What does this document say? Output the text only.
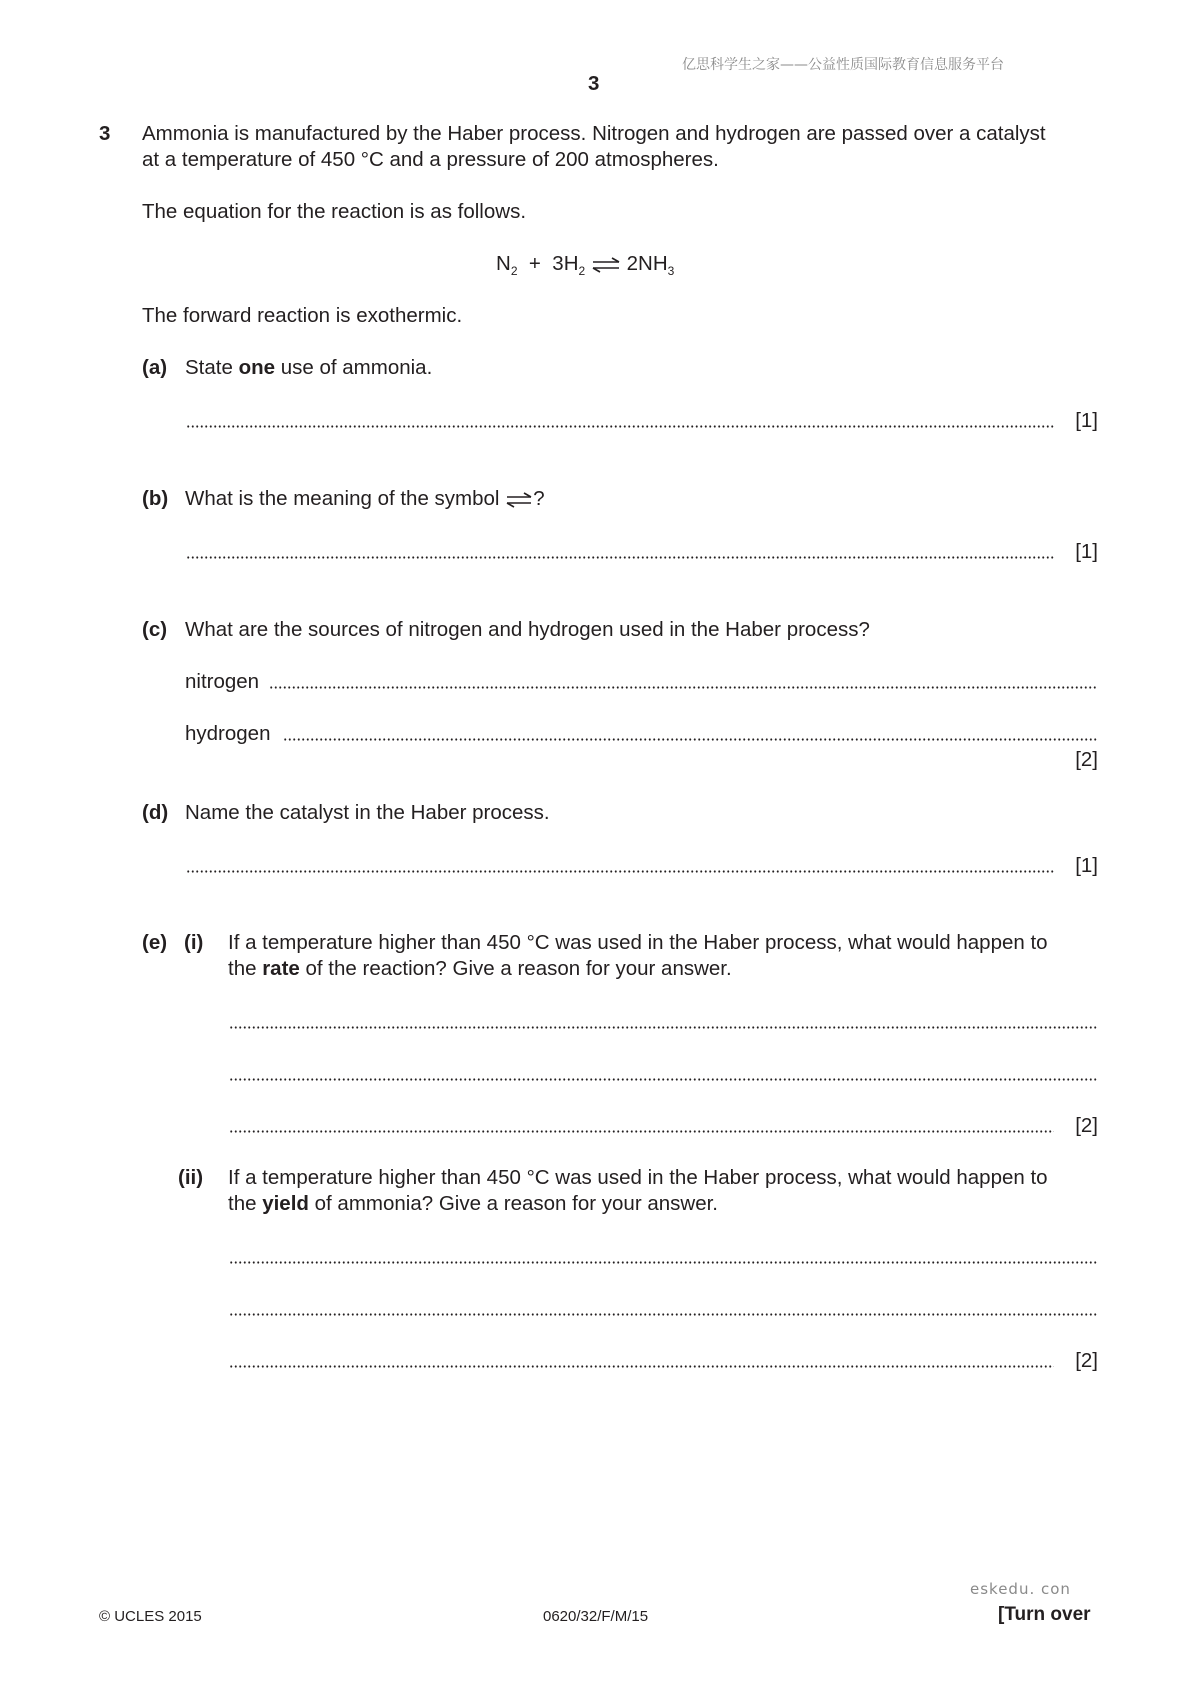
亿思科学生之家——公益性质国际教育信息服务平台
3
3 Ammonia is manufactured by the Haber process. Nitrogen and hydrogen are passed over a catalyst
at a temperature of 450 °C and a pressure of 200 atmospheres.
The equation for the reaction is as follows.
$N_2 + 3H_2$ ⇌ $2NH_3$
The forward reaction is exothermic.
(a) State one use of ammonia.
[1]
(b) What is the meaning of the symbol ?
[1]
(c) What are the sources of nitrogen and hydrogen used in the Haber process?
nitrogen
hydrogen
[2]
(d) Name the catalyst in the Haber process.
[1]
(e) (i) If a temperature higher than 450 °C was used in the Haber process, what would happen to
the rate of the reaction? Give a reason for your answer.
[2]
(ii) If a temperature higher than 450 °C was used in the Haber process, what would happen to
the yield of ammonia? Give a reason for your answer.
[2]
eskedu. con
© UCLES 2015	0620/32/F/M/15	[Turn over
